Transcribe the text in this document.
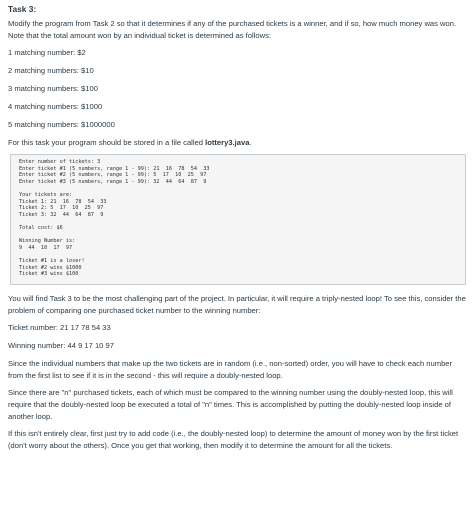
Task 3:

Modify the program from Task 2 so that it determines if any of the purchased tickets is a winner, and if so, how much money was won. Note that the total amount won by an individual ticket is determined as follows:

1 matching number: $2

2 matching numbers: $10

3 matching numbers: $100

4 matching numbers: $1000

5 matching numbers: $1000000

For this task your program should be stored in a file called lottery3.java.

Enter number of tickets: 3
Enter ticket #1 (5 numbers, range 1 - 99): 21  16  78  54  33
Enter ticket #2 (5 numbers, range 1 - 99): 5  17  10  25  97
Enter ticket #3 (5 numbers, range 1 - 99): 32  44  64  87  9
Your tickets are:
Ticket 1: 21  16  78  54  33
Ticket 2: 5  17  10  25  97
Ticket 3: 32  44  64  87  9
Total cost: $6
Winning Number is:
9  44  10  17  97
Ticket #1 is a loser!
Ticket #2 wins $1000
Ticket #3 wins $100

You will find Task 3 to be the most challenging part of the project. In particular, it will require a triply-nested loop! To see this, consider the problem of comparing one purchased ticket number to the winning number:

Ticket number: 21 17 78 54 33

Winning number: 44 9 17 10 97

Since the individual numbers that make up the two tickets are in random (i.e., non-sorted) order, you will have to check each number from the first list to see if it is in the second - this will require a doubly-nested loop.

Since there are "n" purchased tickets, each of which must be compared to the winning number using the doubly-nested loop, this will require that the doubly-nested loop be executed a total of "n" times. This is accomplished by putting the doubly-nested loop inside of another loop.

If this isn't entirely clear, first just try to add code (i.e., the doubly-nested loop) to determine the amount of money won by the first ticket (don't worry about the others). Once you get that working, then modify it to determine the amount for all the tickets.
